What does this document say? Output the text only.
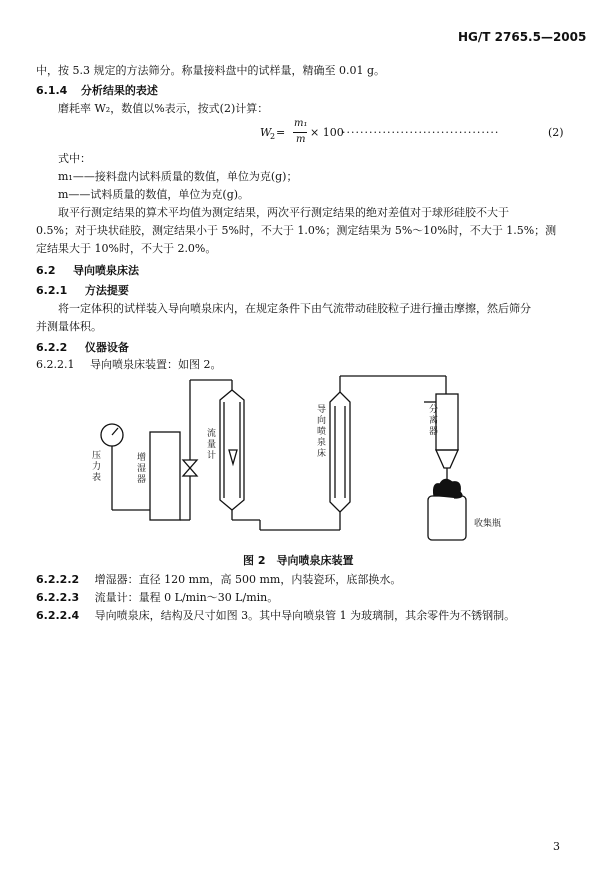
HG/T 2765.5—2005
中，按 5.3 规定的方法筛分。称量接料盘中的试样量，精确至 0.01 g。
6.1.4 分析结果的表述
磨耗率 W₂，数值以%表示，按式(2)计算：
W
2 =
m₁
m
× 100
···································	(2)
式中：
m₁——接料盘内试料质量的数值，单位为克(g)；
m——试料质量的数值，单位为克(g)。
取平行测定结果的算术平均值为测定结果，两次平行测定结果的绝对差值对于球形硅胶不大于
0.5%；对于块状硅胶，测定结果小于 5%时，不大于 1.0%；测定结果为 5%～10%时，不大于 1.5%；测
定结果大于 10%时，不大于 2.0%。
6.2 导向喷泉床法
6.2.1 方法提要
将一定体积的试样装入导向喷泉床内，在规定条件下由气流带动硅胶粒子进行撞击摩擦，然后筛分
并测量体积。
6.2.2 仪器设备
6.2.2.1 导向喷泉床装置：如图 2。
压力表	增湿器
流量计	导向喷泉床	分离器
收集瓶
图 2　导向喷泉床装置
6.2.2.2 增湿器：直径 120 mm，高 500 mm，内装瓷环，底部换水。
6.2.2.3 流量计：量程 0 L/min～30 L/min。
6.2.2.4 导向喷泉床，结构及尺寸如图 3。其中导向喷泉管 1 为玻璃制，其余零件为不锈钢制。
3
